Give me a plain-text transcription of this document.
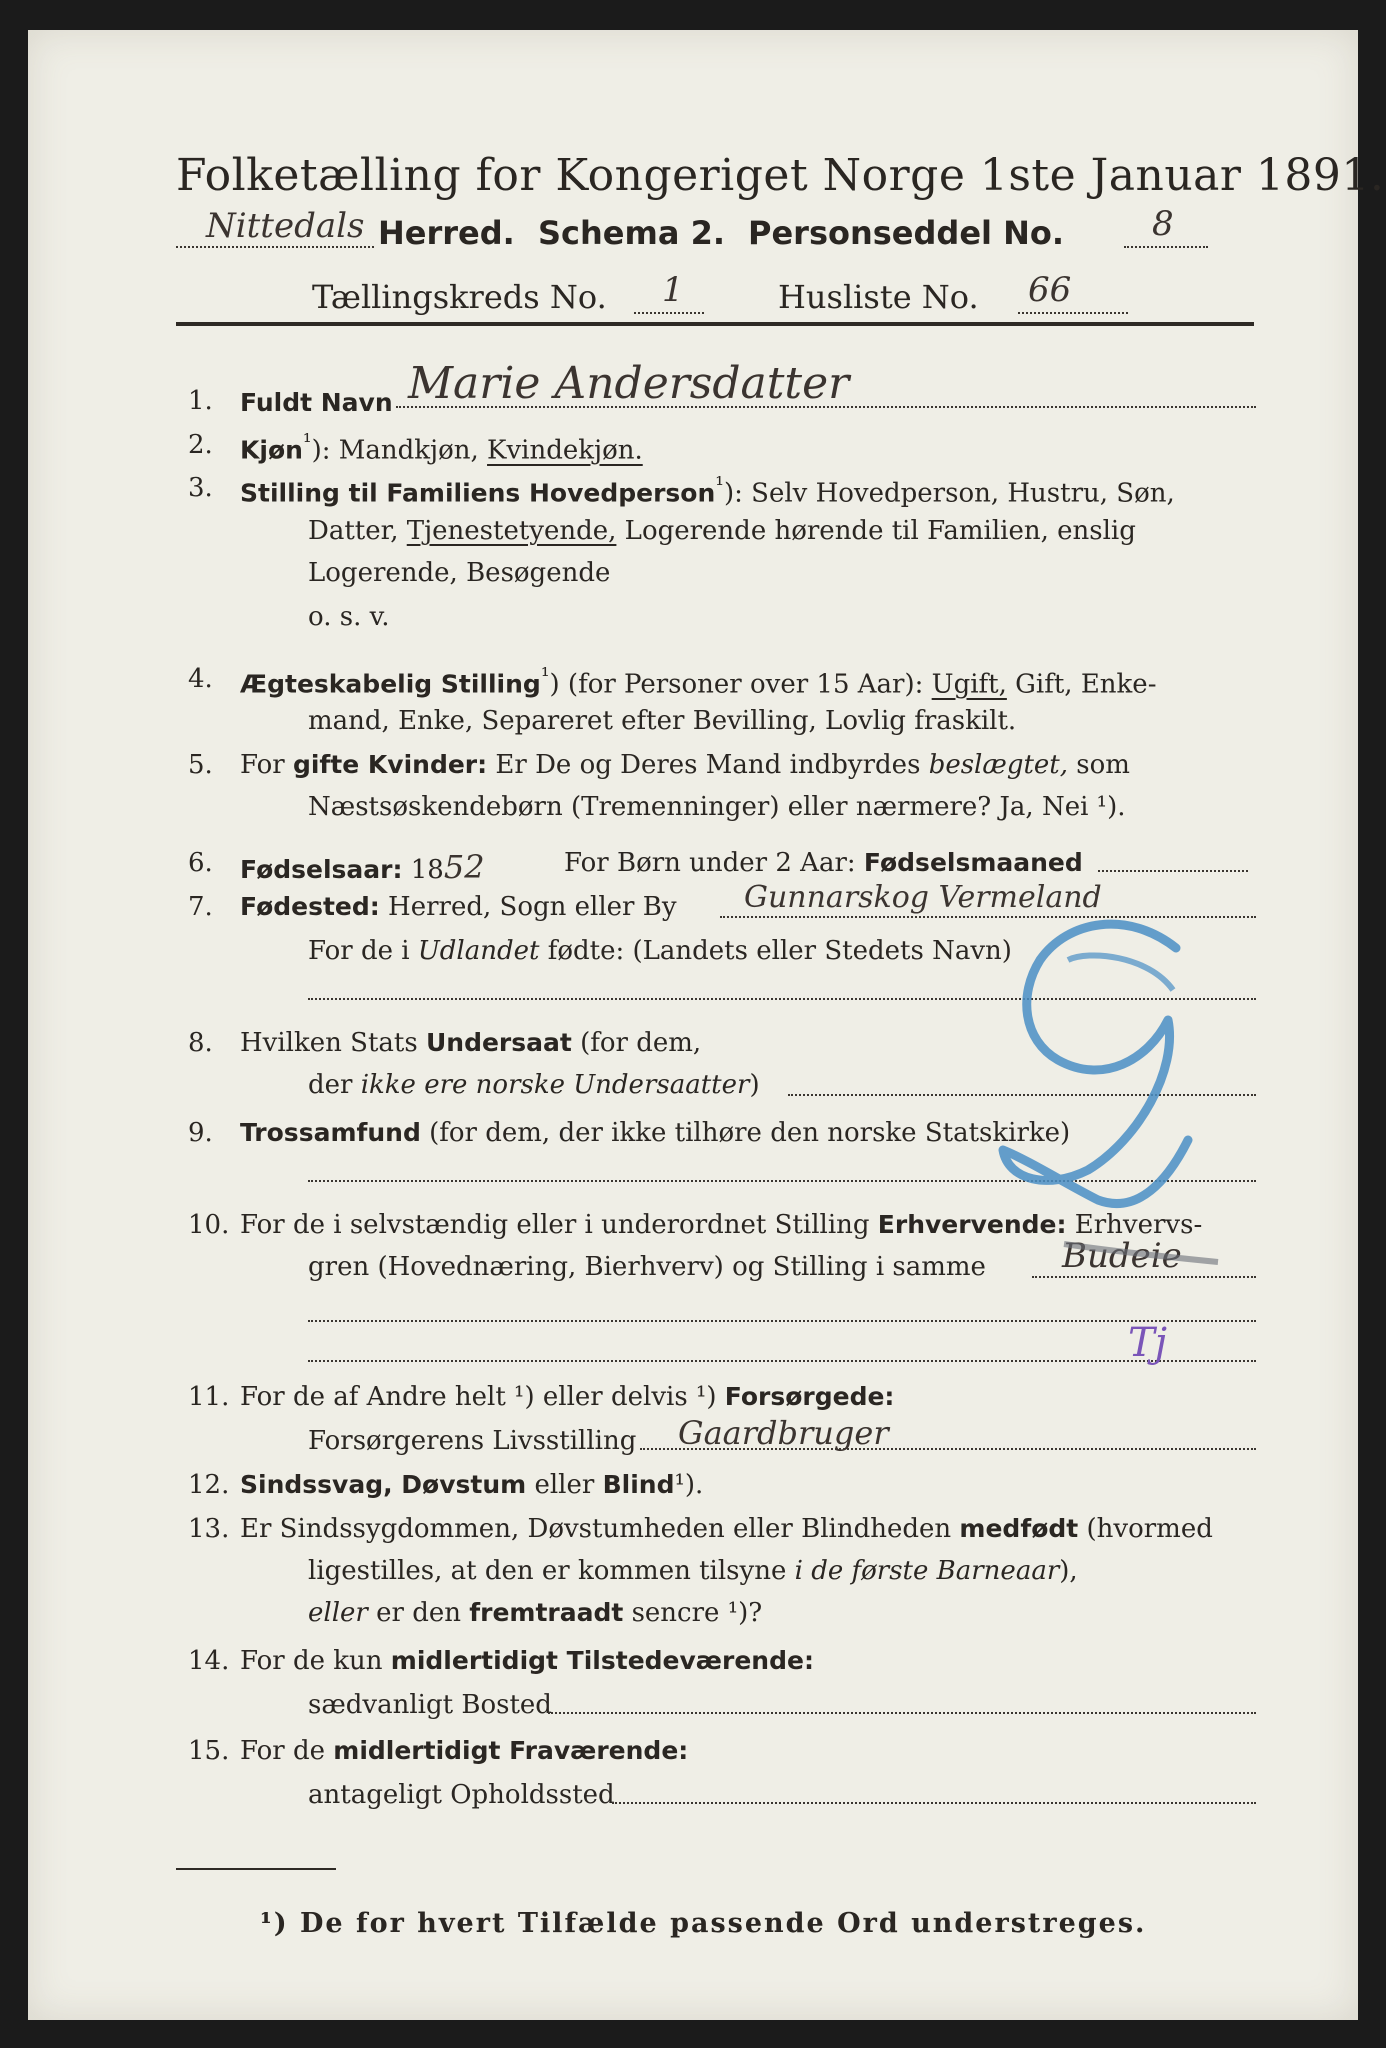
Folketælling for Kongeriget Norge 1ste Januar 1891.
Nittedals Herred. Schema 2. Personseddel No.	8
Tællingskreds No. 1	Husliste No. 66
1. Fuldt Navn Marie Andersdatter
2. Kjøn$^{^1}$): Mandkjøn, Kvindekjøn.
3. Stilling til Familiens Hovedperson$^{^1}$): Selv Hovedperson, Hustru, Søn,
Datter, Tjenestetyende, Logerende hørende til Familien, enslig
Logerende, Besøgende
o. s. v.
4. Ægteskabelig Stilling$^{^1}$) (for Personer over 15 Aar): Ugift, Gift, Enke-
mand, Enke, Separeret efter Bevilling, Lovlig fraskilt.
5. For gifte Kvinder: Er De og Deres Mand indbyrdes beslægtet, som
Næstsøskendebørn (Tremenninger) eller nærmere? Ja, Nei ¹).
6. Fødselsaar: 1852	For Børn under 2 Aar: Fødselsmaaned
7. Fødested: Herred, Sogn eller By Gunnarskog Vermeland
For de i Udlandet fødte: (Landets eller Stedets Navn)
8. Hvilken Stats Undersaat (for dem,
der ikke ere norske Undersaatter)
9. Trossamfund (for dem, der ikke tilhøre den norske Statskirke)
10. For de i selvstændig eller i underordnet Stilling Erhvervende: Erhvervs-
gren (Hovednæring, Bierhverv) og Stilling i samme Budeie
Tj
11. For de af Andre helt ¹) eller delvis ¹) Forsørgede:
Forsørgerens Livsstilling Gaardbruger
12. Sindssvag, Døvstum eller Blind¹).
13. Er Sindssygdommen, Døvstumheden eller Blindheden medfødt (hvormed
ligestilles, at den er kommen tilsyne i de første Barneaar),
eller er den fremtraadt sencre ¹)?
14. For de kun midlertidigt Tilstedeværende:
sædvanligt Bosted
15. For de midlertidigt Fraværende:
antageligt Opholdssted
¹) De for hvert Tilfælde passende Ord understreges.
